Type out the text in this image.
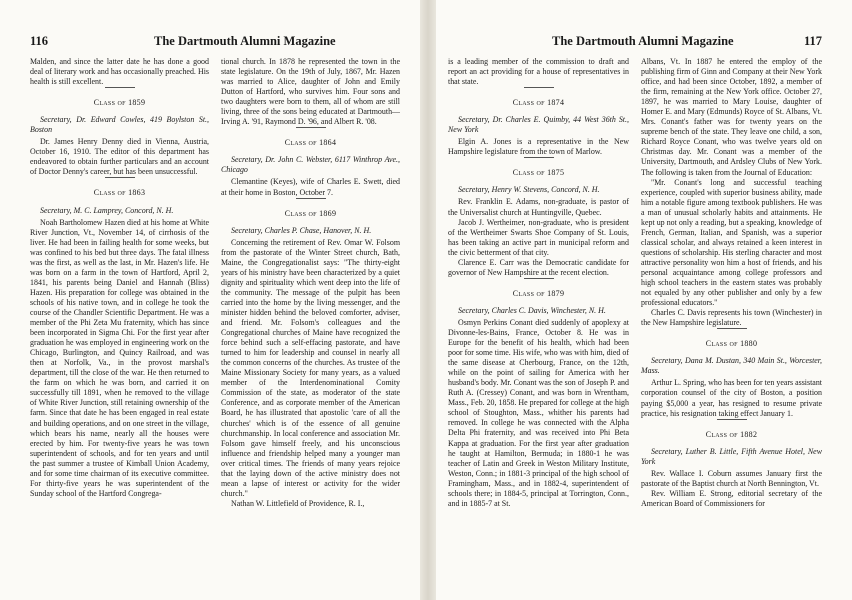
116	The Dartmouth Alumni Magazine

Malden, and since the latter date he has done a good deal of literary work and has occasionally preached. His health is still excellent.

Class of 1859

Secretary, Dr. Edward Cowles, 419 Boylston St., Boston

Dr. James Henry Denny died in Vienna, Austria, October 16, 1910. The editor of this department has endeavored to obtain further particulars and an account of Doctor Denny's career, but has been unsuccessful.

Class of 1863

Secretary, M. C. Lamprey, Concord, N. H.

Noah Bartholomew Hazen died at his home at White River Junction, Vt., November 14, of cirrhosis of the liver. He had been in failing health for some weeks, but was confined to his bed but three days. The fatal illness was the first, as well as the last, in Mr. Hazen's life. He was born on a farm in the town of Hartford, April 2, 1841, his parents being Daniel and Hannah (Bliss) Hazen. His preparation for college was obtained in the schools of his native town, and in college he took the course of the Chandler Scientific Department. He was a member of the Phi Zeta Mu fraternity, which has since been incorporated in Sigma Chi. For the first year after graduation he was employed in engineering work on the Chicago, Burlington, and Quincy Railroad, and was then at Norfolk, Va., in the provost marshal's department, till the close of the war. He then returned to the farm on which he was born, and carried it on successfully till 1891, when he removed to the village of White River Junction, still retaining ownership of the farm. Since that date he has been engaged in real estate and building operations, and on one street in the village, which bears his name, nearly all the houses were erected by him. For twenty-five years he was town superintendent of schools, and for ten years and until the past summer a trustee of Kimball Union Academy, and for some time chairman of its executive committee. For thirty-five years he was superintendent of the Sunday school of the Hartford Congrega-

tional church. In 1878 he represented the town in the state legislature. On the 19th of July, 1867, Mr. Hazen was married to Alice, daughter of John and Emily Dutton of Hartford, who survives him. Four sons and two daughters were born to them, all of whom are still living, three of the sons being educated at Dartmouth—Irving A. '91, Raymond D. '96, and Albert R. '08.

Class of 1864

Secretary, Dr. John C. Webster, 6117 Winthrop Ave., Chicago

Clemantine (Keyes), wife of Charles E. Swett, died at their home in Boston, October 7.

Class of 1869

Secretary, Charles P. Chase, Hanover, N. H.

Concerning the retirement of Rev. Omar W. Folsom from the pastorate of the Winter Street church, Bath, Maine, the Congregationalist says: "The thirty-eight years of his ministry have been characterized by a quiet dignity and spirituality which went deep into the life of the community. The message of the pulpit has been carried into the home by the living messenger, and the minister hidden behind the beloved comforter, adviser, and friend. Mr. Folsom's colleagues and the Congregational churches of Maine have recognized the force behind such a self-effacing pastorate, and have turned to him for leadership and counsel in nearly all the common concerns of the churches. As trustee of the Maine Missionary Society for many years, as a valued member of the Interdenominational Comity Commission of the state, as moderator of the state Conference, and as corporate member of the American Board, he has illustrated that apostolic 'care of all the churches' which is of the essence of all genuine churchmanship. In local conference and association Mr. Folsom gave himself freely, and his unconscious influence and friendship helped many a younger man over critical times. The friends of many years rejoice that the laying down of the active ministry does not mean a lapse of interest or activity for the wider church."

Nathan W. Littlefield of Providence, R. I.,

The Dartmouth Alumni Magazine	117

is a leading member of the commission to draft and report an act providing for a house of representatives in that state.

Class of 1874

Secretary, Dr. Charles E. Quimby, 44 West 36th St., New York

Elgin A. Jones is a representative in the New Hampshire legislature from the town of Marlow.

Class of 1875

Secretary, Henry W. Stevens, Concord, N. H.

Rev. Franklin E. Adams, non-graduate, is pastor of the Universalist church at Huntingville, Quebec.

Jacob J. Wertheimer, non-graduate, who is president of the Wertheimer Swarts Shoe Company of St. Louis, has been taking an active part in municipal reform and the civic betterment of that city.

Clarence E. Carr was the Democratic candidate for governor of New Hampshire at the recent election.

Class of 1879

Secretary, Charles C. Davis, Winchester, N. H.

Osmyn Perkins Conant died suddenly of apoplexy at Divonne-les-Bains, France, October 8. He was in Europe for the benefit of his health, which had been poor for some time. His wife, who was with him, died of the same disease at Cherbourg, France, on the 12th, while on the point of sailing for America with her husband's body. Mr. Conant was the son of Joseph P. and Ruth A. (Cressey) Conant, and was born in Wrentham, Mass., Feb. 20, 1858. He prepared for college at the high school of Stoughton, Mass., whither his parents had removed. In college he was connected with the Alpha Delta Phi fraternity, and was received into Phi Beta Kappa at graduation. For the first year after graduation he taught at Hamilton, Bermuda; in 1880-1 he was teacher of Latin and Greek in Weston Military Institute, Weston, Conn.; in 1881-3 principal of the high school of Framingham, Mass., and in 1882-4, superintendent of schools there; in 1884-5, principal at Torrington, Conn., and in 1885-7 at St.

Albans, Vt. In 1887 he entered the employ of the publishing firm of Ginn and Company at their New York office, and had been since October, 1892, a member of the firm, remaining at the New York office. October 27, 1897, he was married to Mary Louise, daughter of Homer E. and Mary (Edmunds) Royce of St. Albans, Vt. Mrs. Conant's father was for twenty years on the supreme bench of the state. They leave one child, a son, Richard Royce Conant, who was twelve years old on Christmas day. Mr. Conant was a member of the University, Dartmouth, and Ardsley Clubs of New York. The following is taken from the Journal of Education:

"Mr. Conant's long and successful teaching experience, coupled with superior business ability, made him a notable figure among textbook publishers. He was a man of unusual scholarly habits and attainments. He kept up not only a reading, but a speaking, knowledge of French, German, Italian, and Spanish, was a superior classical scholar, and always retained a keen interest in questions of scholarship. His sterling character and most attractive personality won him a host of friends, and his personal acquaintance among college professors and high school teachers in the eastern states was probably not equaled by any other publisher and only by a few professional educators."

Charles C. Davis represents his town (Winchester) in the New Hampshire legislature.

Class of 1880

Secretary, Dana M. Dustan, 340 Main St., Worcester, Mass.

Arthur L. Spring, who has been for ten years assistant corporation counsel of the city of Boston, a position paying $5,000 a year, has resigned to resume private practice, his resignation taking effect January 1.

Class of 1882

Secretary, Luther B. Little, Fifth Avenue Hotel, New York

Rev. Wallace I. Coburn assumes January first the pastorate of the Baptist church at North Bennington, Vt.

Rev. William E. Strong, editorial secretary of the American Board of Commissioners for
